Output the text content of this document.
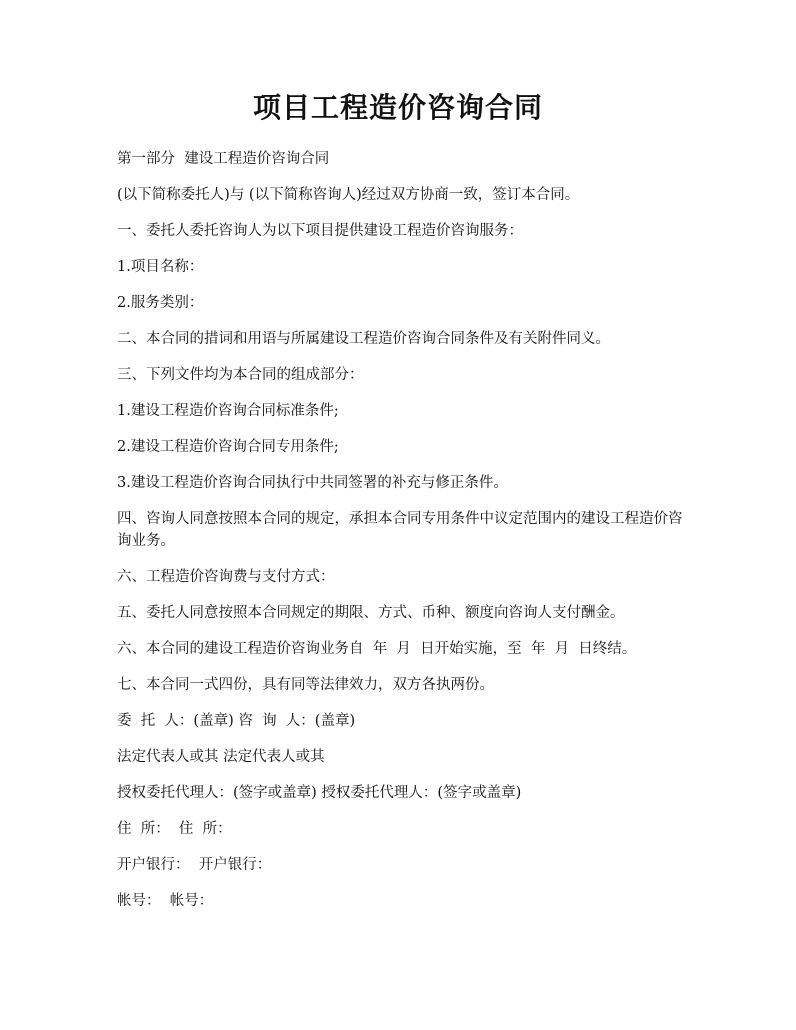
项目工程造价咨询合同

第一部分  建设工程造价咨询合同

(以下简称委托人)与 (以下简称咨询人)经过双方协商一致，签订本合同。

一、委托人委托咨询人为以下项目提供建设工程造价咨询服务：

1.项目名称：

2.服务类别：

二、本合同的措词和用语与所属建设工程造价咨询合同条件及有关附件同义。

三、下列文件均为本合同的组成部分：

1.建设工程造价咨询合同标准条件;

2.建设工程造价咨询合同专用条件;

3.建设工程造价咨询合同执行中共同签署的补充与修正条件。

四、咨询人同意按照本合同的规定，承担本合同专用条件中议定范围内的建设工程造价咨询业务。

六、工程造价咨询费与支付方式：

五、委托人同意按照本合同规定的期限、方式、币种、额度向咨询人支付酬金。

六、本合同的建设工程造价咨询业务自  年  月  日开始实施，至  年  月  日终结。

七、本合同一式四份，具有同等法律效力，双方各执两份。

委  托  人：(盖章) 咨  询  人：(盖章)

法定代表人或其 法定代表人或其

授权委托代理人：(签字或盖章) 授权委托代理人：(签字或盖章)

住  所：  住  所：

开户银行：  开户银行：

帐号：  帐号：
